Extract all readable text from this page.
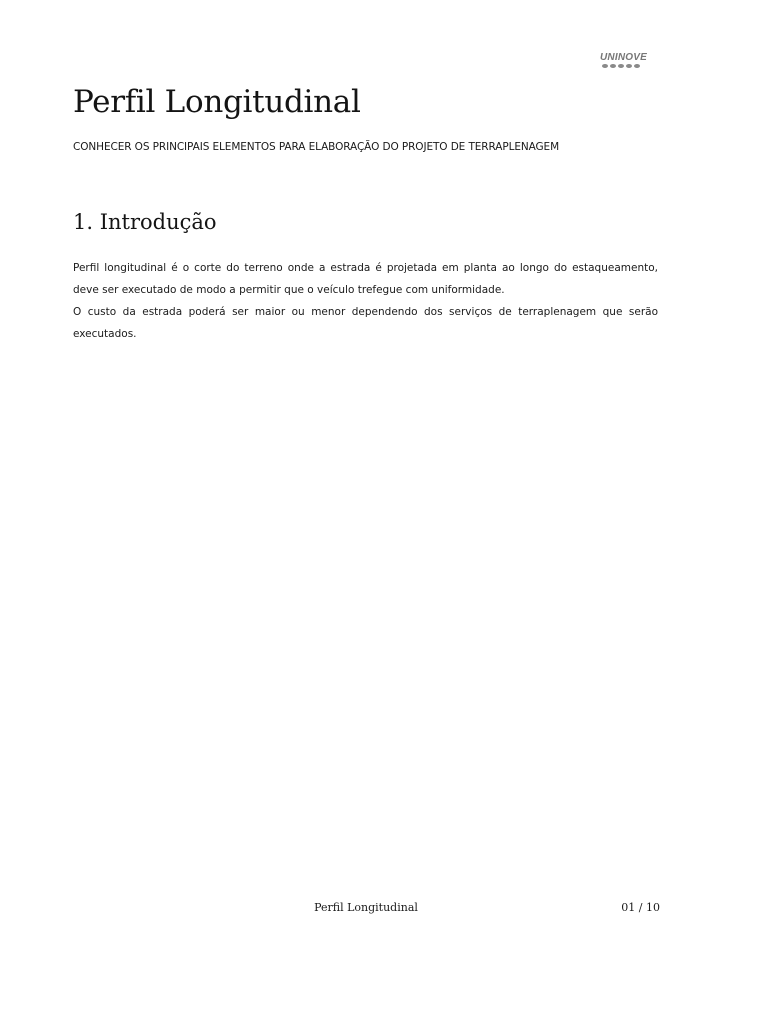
UNINOVE
Perfil Longitudinal

CONHECER OS PRINCIPAIS ELEMENTOS PARA ELABORAÇÃO DO PROJETO DE TERRAPLENAGEM

1. Introdução

Perfil longitudinal é o corte do terreno onde a estrada é projetada em planta ao longo do estaqueamento, deve ser executado de modo a permitir que o veículo trefegue com uniformidade.

O custo da estrada poderá ser maior ou menor dependendo dos serviços de terraplenagem que serão executados.

Perfil Longitudinal	01 / 10
